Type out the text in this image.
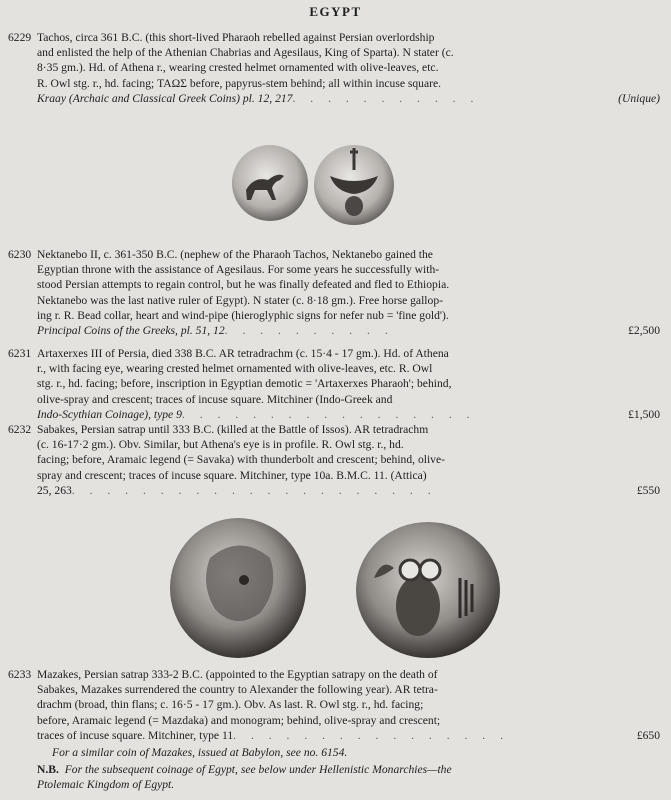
EGYPT
6229 Tachos, circa 361 B.C. (this short-lived Pharaoh rebelled against Persian overlordship
and enlisted the help of the Athenian Chabrias and Agesilaus, King of Sparta). N stater (c.
8·35 gm.). Hd. of Athena r., wearing crested helmet ornamented with olive-leaves, etc.
R. Owl stg. r., hd. facing; ΤΑΩΣ before, papyrus-stem behind; all within incuse square.
Kraay (Archaic and Classical Greek Coins) pl. 12, 217 . . . . . . . . . . .	(Unique)
6230 Nektanebo II, c. 361-350 B.C. (nephew of the Pharaoh Tachos, Nektanebo gained the
Egyptian throne with the assistance of Agesilaus. For some years he successfully with-
stood Persian attempts to regain control, but he was finally defeated and fled to Ethiopia.
Nektanebo was the last native ruler of Egypt). N stater (c. 8·18 gm.). Free horse gallop-
ing r. R. Bead collar, heart and wind-pipe (hieroglyphic signs for nefer nub = 'fine gold').
Principal Coins of the Greeks, pl. 51, 12 . . . . . . . . . .	£2,500
6231 Artaxerxes III of Persia, died 338 B.C. AR tetradrachm (c. 15·4 - 17 gm.). Hd. of Athena
r., with facing eye, wearing crested helmet ornamented with olive-leaves, etc. R. Owl
stg. r., hd. facing; before, inscription in Egyptian demotic = 'Artaxerxes Pharaoh'; behind,
olive-spray and crescent; traces of incuse square. Mitchiner (Indo-Greek and
Indo-Scythian Coinage), type 9 . . . . . . . . . . . . . . . . .	£1,500
6232 Sabakes, Persian satrap until 333 B.C. (killed at the Battle of Issos). AR tetradrachm
(c. 16-17·2 gm.). Obv. Similar, but Athena's eye is in profile. R. Owl stg. r., hd.
facing; before, Aramaic legend (= Savaka) with thunderbolt and crescent; behind, olive-
spray and crescent; traces of incuse square. Mitchiner, type 10a. B.M.C. 11. (Attica)
25, 263 . . . . . . . . . . . . . . . . . . . . .	£550
6233 Mazakes, Persian satrap 333-2 B.C. (appointed to the Egyptian satrapy on the death of
Sabakes, Mazakes surrendered the country to Alexander the following year). AR tetra-
drachm (broad, thin flans; c. 16·5 - 17 gm.). Obv. As last. R. Owl stg. r., hd. facing;
before, Aramaic legend (= Mazdaka) and monogram; behind, olive-spray and crescent;
traces of incuse square. Mitchiner, type 11 . . . . . . . . . . . . . . . .	£650
For a similar coin of Mazakes, issued at Babylon, see no. 6154.
N.B. For the subsequent coinage of Egypt, see below under Hellenistic Monarchies—the
Ptolemaic Kingdom of Egypt.
